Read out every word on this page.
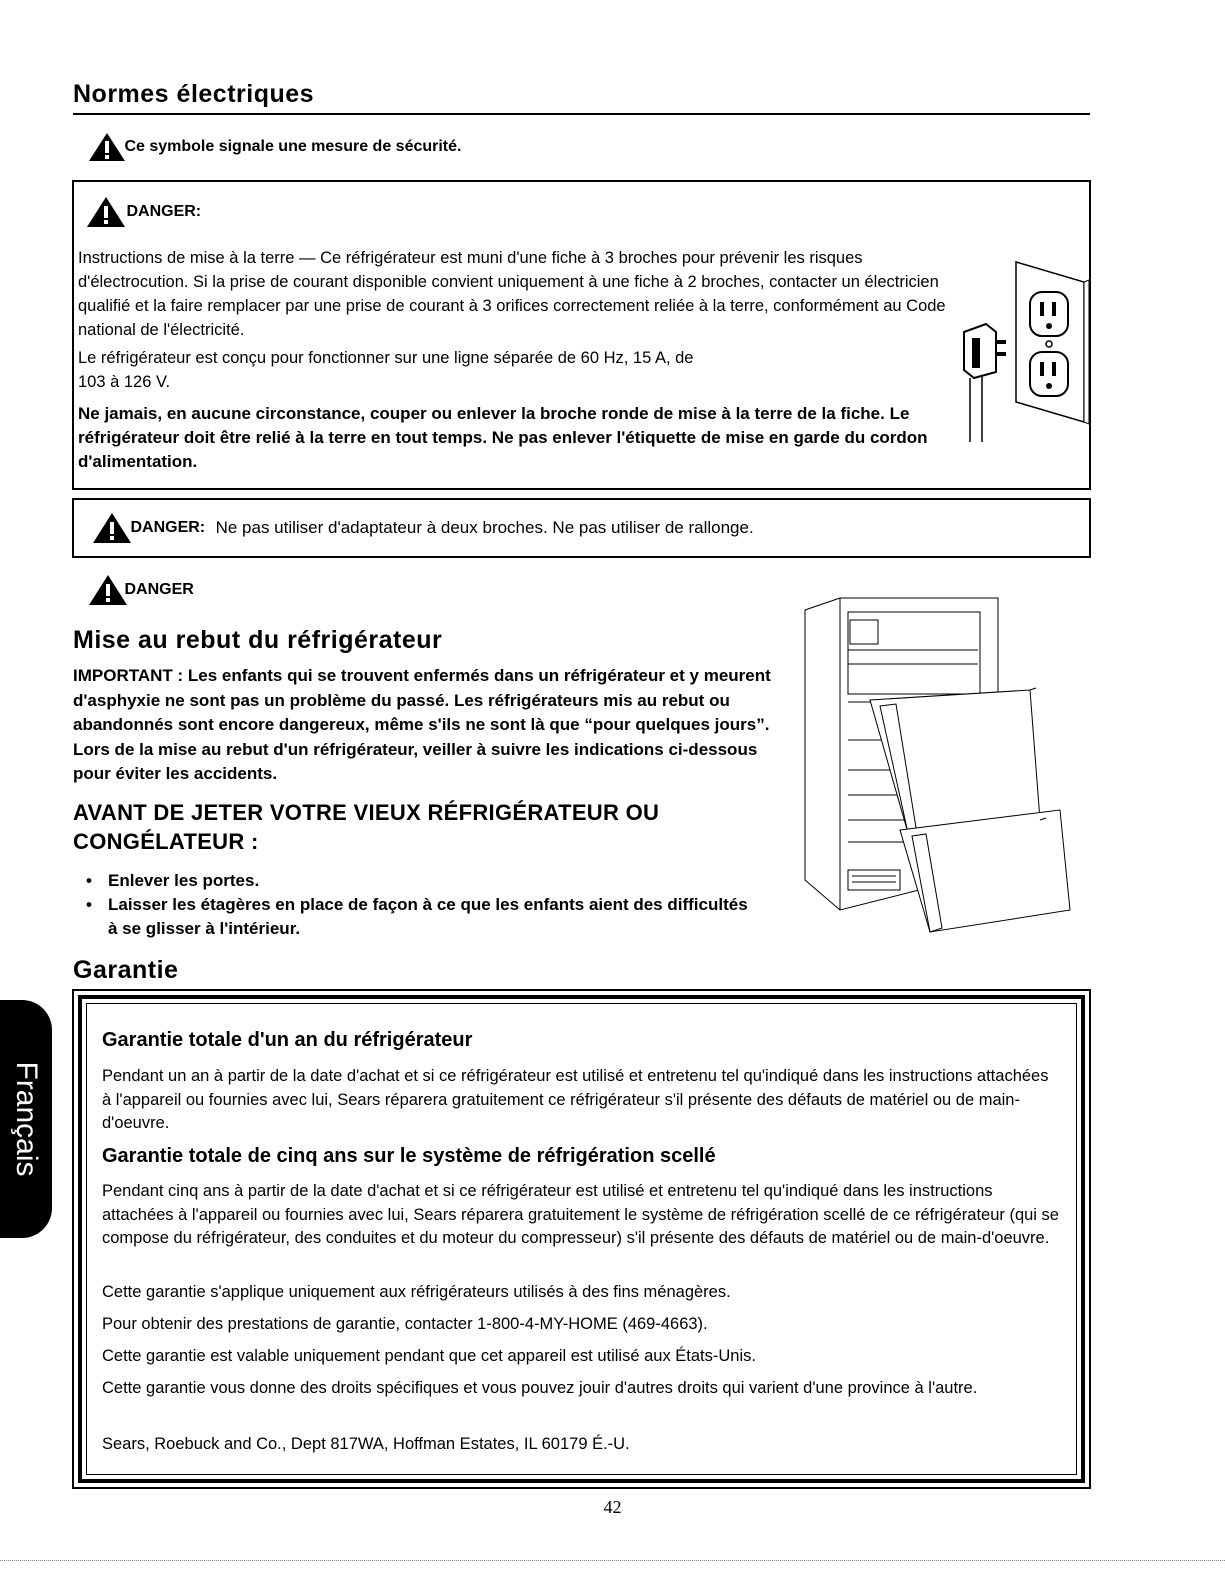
Normes électriques
Ce symbole signale une mesure de sécurité.
DANGER:

Instructions de mise à la terre — Ce réfrigérateur est muni d'une fiche à 3 broches pour prévenir les risques d'électrocution. Si la prise de courant disponible convient uniquement à une fiche à 2 broches, contacter un électricien qualifié et la faire remplacer par une prise de courant à 3 orifices correctement reliée à la terre, conformément au Code national de l'électricité.

Le réfrigérateur est conçu pour fonctionner sur une ligne séparée de 60 Hz, 15 A, de

103 à 126 V.

Ne jamais, en aucune circonstance, couper ou enlever la broche ronde de mise à la terre de la fiche. Le réfrigérateur doit être relié à la terre en tout temps. Ne pas enlever l'étiquette de mise en garde du cordon d'alimentation.

DANGER: Ne pas utiliser d'adaptateur à deux broches. Ne pas utiliser de rallonge.
DANGER
Mise au rebut du réfrigérateur

IMPORTANT : Les enfants qui se trouvent enfermés dans un réfrigérateur et y meurent d'asphyxie ne sont pas un problème du passé. Les réfrigérateurs mis au rebut ou abandonnés sont encore dangereux, même s'ils ne sont là que “pour quelques jours”. Lors de la mise au rebut d'un réfrigérateur, veiller à suivre les indications ci-dessous pour éviter les accidents.

AVANT DE JETER VOTRE VIEUX RÉFRIGÉRATEUR OU
CONGÉLATEUR :
• Enlever les portes.
• Laisser les étagères en place de façon à ce que les enfants aient des difficultés à se glisser à l'intérieur.
Garantie
Garantie totale d'un an du réfrigérateur

Pendant un an à partir de la date d'achat et si ce réfrigérateur est utilisé et entretenu tel qu'indiqué dans les instructions attachées à l'appareil ou fournies avec lui, Sears réparera gratuitement ce réfrigérateur s'il présente des défauts de matériel ou de main-d'oeuvre.

Garantie totale de cinq ans sur le système de réfrigération scellé

Pendant cinq ans à partir de la date d'achat et si ce réfrigérateur est utilisé et entretenu tel qu'indiqué dans les instructions attachées à l'appareil ou fournies avec lui, Sears réparera gratuitement le système de réfrigération scellé de ce réfrigérateur (qui se compose du réfrigérateur, des conduites et du moteur du compresseur) s'il présente des défauts de matériel ou de main-d'oeuvre.

Cette garantie s'applique uniquement aux réfrigérateurs utilisés à des fins ménagères.

Pour obtenir des prestations de garantie, contacter 1-800-4-MY-HOME (469-4663).

Cette garantie est valable uniquement pendant que cet appareil est utilisé aux États-Unis.

Cette garantie vous donne des droits spécifiques et vous pouvez jouir d'autres droits qui varient d'une province à l'autre.

Sears, Roebuck and Co., Dept 817WA, Hoffman Estates, IL 60179 É.-U.

Français
42
